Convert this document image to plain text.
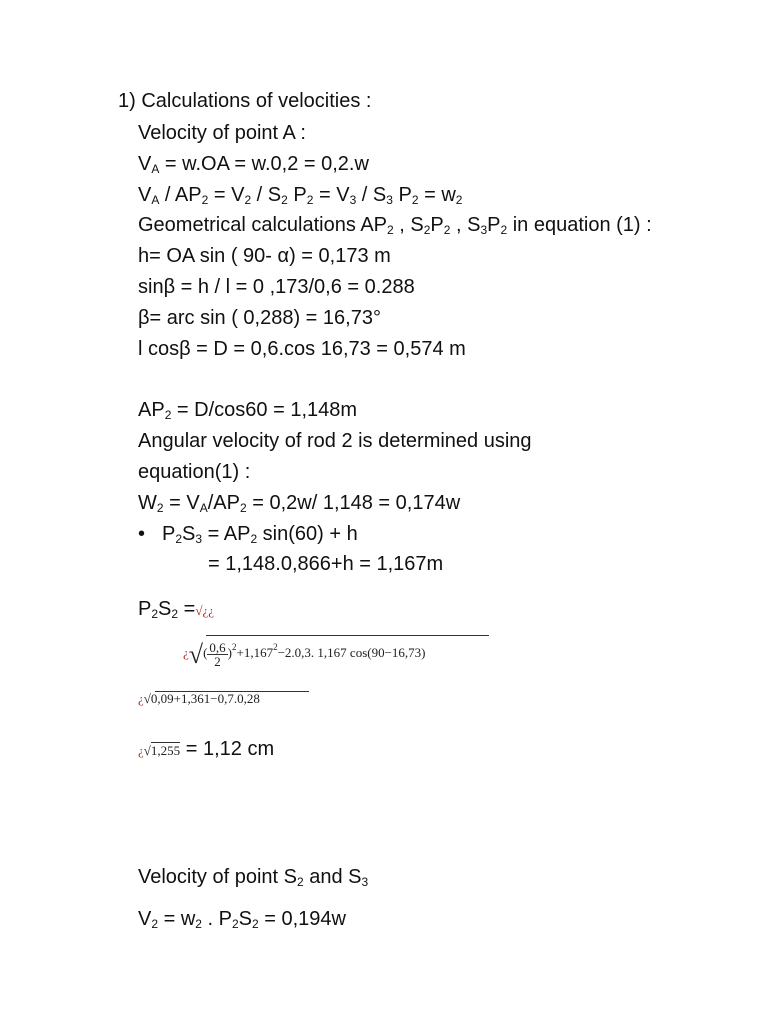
1) Calculations of velocities :
Velocity of point A :
$V_A = w.OA = w.0,2 = 0,2.w$
$V_A / AP_2 = V_2 / S_2$ $P_2 = V_3 / S_3$ $P_2 = w_2$
Geometrical calculations $AP_2$ , $S_2P_2$ , $S_3P_2$ in equation (1) :
h= OA sin ( 90- α) = 0,173 m
sinβ = h / l = 0 ,173/0,6 = 0.288
β= arc sin ( 0,288) = 16,73°
l cosβ = D = 0,6.cos 16,73 = 0,574 m
$AP_2 = D/\cos 60 = 1,148m$
Angular velocity of rod 2 is determined using
equation(1) :
$W_2 = V_A/AP_2 = 0,2w/$ 1,148 = 0,174w
• $P_2S_3 = AP_2$ sin(60) + h
= 1,148.0,866+h = 1,167m
$P_2S_2$ =√¿¿
¿√( $\frac{0,6}{2} )^2+1,167^2-2.0,3$. 1,167 cos(90−16,73)
¿√0,09+1,361−0,7.0,28
¿√1,255 = 1,12 cm
Velocity of point $S_2$ and $S_3$
$V_2 = w_2$ . $P_2S_2 = 0,194w$
